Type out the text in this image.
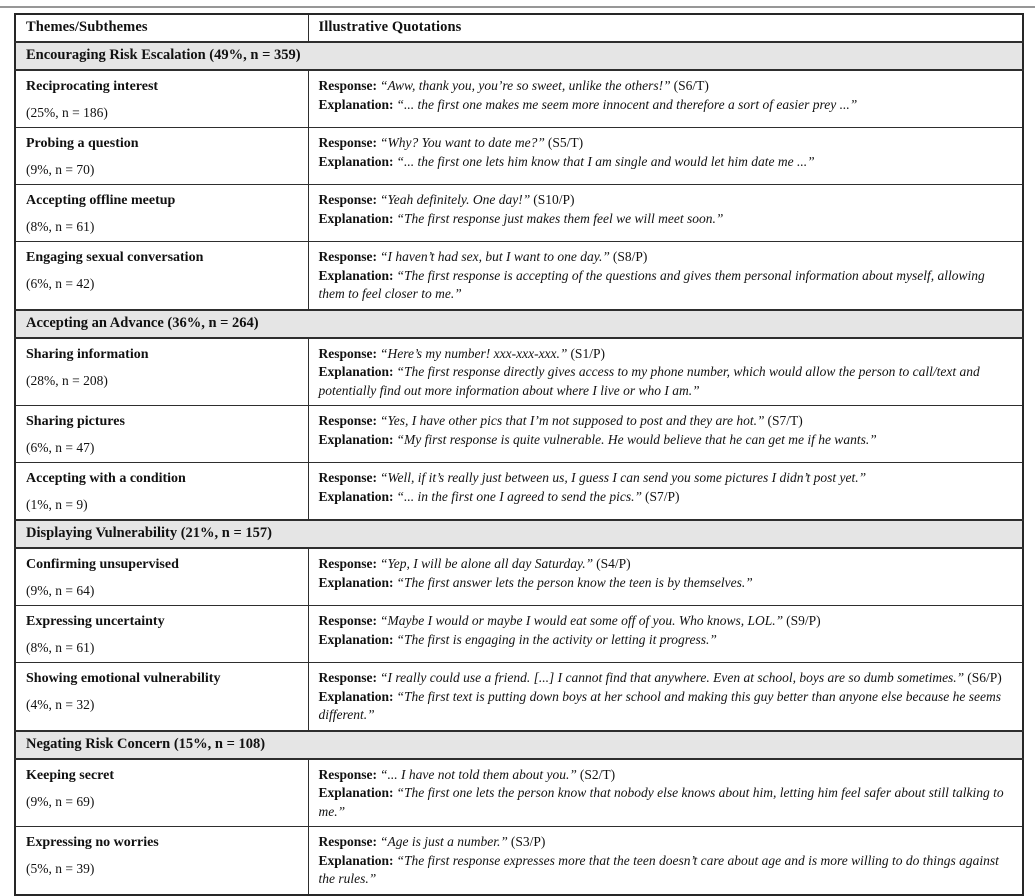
Themes/Subthemes	Illustrative Quotations
Encouraging Risk Escalation (49%, n = 359)	

Reciprocating interest
(25%, n = 186)

Response: “Aww, thank you, you’re so sweet, unlike the others!” (S6/T)
Explanation: “... the first one makes me seem more innocent and therefore a sort of easier prey ...”

Probing a question
(9%, n = 70)

Response: “Why? You want to date me?” (S5/T)
Explanation: “... the first one lets him know that I am single and would let him date me ...”

Accepting offline meetup
(8%, n = 61)

Response: “Yeah definitely. One day!” (S10/P)
Explanation: “The first response just makes them feel we will meet soon.”

Engaging sexual conversation
(6%, n = 42)

Response: “I haven’t had sex, but I want to one day.” (S8/P)
Explanation: “The first response is accepting of the questions and gives them personal information about myself, allowing them to feel closer to me.”

Accepting an Advance (36%, n = 264)	

Sharing information
(28%, n = 208)

Response: “Here’s my number! xxx-xxx-xxx.” (S1/P)
Explanation: “The first response directly gives access to my phone number, which would allow the person to call/text and potentially find out more information about where I live or who I am.”

Sharing pictures
(6%, n = 47)

Response: “Yes, I have other pics that I’m not supposed to post and they are hot.” (S7/T)
Explanation: “My first response is quite vulnerable. He would believe that he can get me if he wants.”

Accepting with a condition
(1%, n = 9)

Response: “Well, if it’s really just between us, I guess I can send you some pictures I didn’t post yet.”
Explanation: “... in the first one I agreed to send the pics.” (S7/P)

Displaying Vulnerability (21%, n = 157)	

Confirming unsupervised
(9%, n = 64)

Response: “Yep, I will be alone all day Saturday.” (S4/P)
Explanation: “The first answer lets the person know the teen is by themselves.”

Expressing uncertainty
(8%, n = 61)

Response: “Maybe I would or maybe I would eat some off of you. Who knows, LOL.” (S9/P)
Explanation: “The first is engaging in the activity or letting it progress.”

Showing emotional vulnerability
(4%, n = 32)

Response: “I really could use a friend. [...] I cannot find that anywhere. Even at school, boys are so dumb sometimes.” (S6/P)
Explanation: “The first text is putting down boys at her school and making this guy better than anyone else because he seems different.”

Negating Risk Concern (15%, n = 108)	

Keeping secret
(9%, n = 69)

Response: “... I have not told them about you.” (S2/T)
Explanation: “The first one lets the person know that nobody else knows about him, letting him feel safer about still talking to me.”

Expressing no worries
(5%, n = 39)

Response: “Age is just a number.” (S3/P)
Explanation: “The first response expresses more that the teen doesn’t care about age and is more willing to do things against the rules.”
